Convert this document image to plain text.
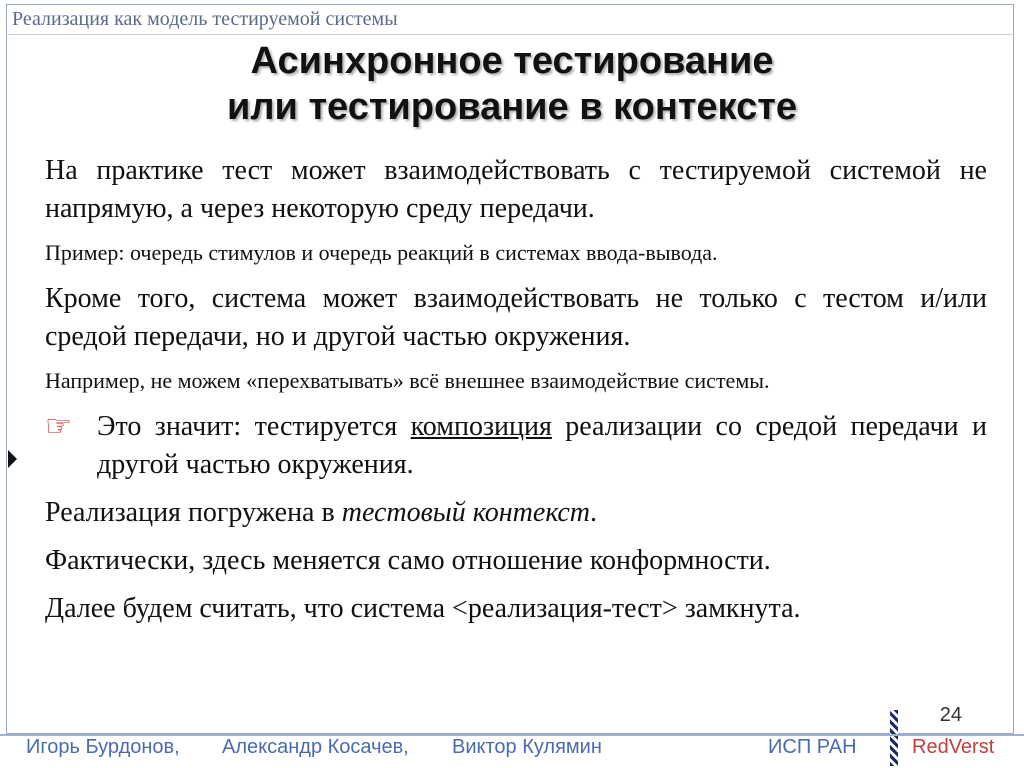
Реализация как модель тестируемой системы
Асинхронное тестирование
или тестирование в контексте

На практике тест может взаимодействовать с тестируемой системой не напрямую, а через некоторую среду передачи.

Пример: очередь стимулов и очередь реакций в системах ввода-вывода.

Кроме того, система может взаимодействовать не только с тестом и/или средой передачи, но и другой частью окружения.

Например, не можем «перехватывать» всё внешнее взаимодействие системы.

☞ Это значит: тестируется композиция реализации со средой передачи и другой частью окружения.

Реализация погружена в тестовый контекст.

Фактически, здесь меняется само отношение конформности.

Далее будем считать, что система <реализация-тест> замкнута.

24
Игорь Бурдонов, Александр Косачев, Виктор Кулямин	ИСП РАН	RedVerst
